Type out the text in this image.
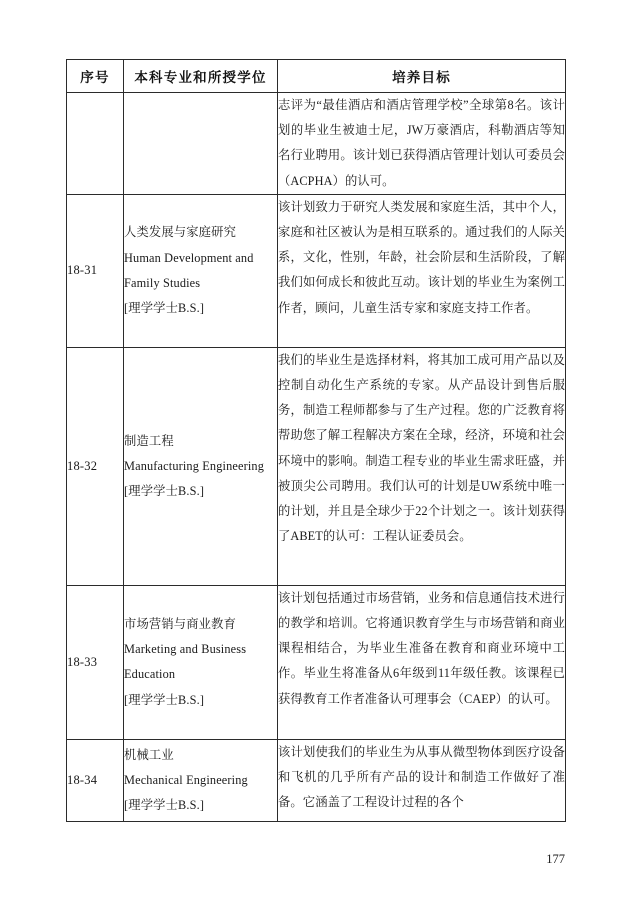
序号	本科专业和所授学位	培养目标

		志评为“最佳酒店和酒店管理学校”全球第8名。该计划的毕业生被迪士尼，JW万豪酒店，科勒酒店等知名行业聘用。该计划已获得酒店管理计划认可委员会（ACPHA）的认可。

18-31	人类发展与家庭研究
Human Development and
Family Studies
[理学学士B.S.]	该计划致力于研究人类发展和家庭生活，其中个人，家庭和社区被认为是相互联系的。通过我们的人际关系，文化，性别，年龄，社会阶层和生活阶段，了解我们如何成长和彼此互动。该计划的毕业生为案例工作者，顾问，儿童生活专家和家庭支持工作者。

18-32	制造工程
Manufacturing Engineering
[理学学士B.S.]	我们的毕业生是选择材料，将其加工成可用产品以及控制自动化生产系统的专家。从产品设计到售后服务，制造工程师都参与了生产过程。您的广泛教育将帮助您了解工程解决方案在全球，经济，环境和社会环境中的影响。制造工程专业的毕业生需求旺盛，并被顶尖公司聘用。我们认可的计划是UW系统中唯一的计划，并且是全球少于22个计划之一。该计划获得了ABET的认可：工程认证委员会。

18-33	市场营销与商业教育
Marketing and Business
Education
[理学学士B.S.]	该计划包括通过市场营销，业务和信息通信技术进行的教学和培训。它将通识教育学生与市场营销和商业课程相结合，为毕业生准备在教育和商业环境中工作。毕业生将准备从6年级到11年级任教。该课程已获得教育工作者准备认可理事会（CAEP）的认可。

18-34	机械工业
Mechanical Engineering
[理学学士B.S.]	该计划使我们的毕业生为从事从微型物体到医疗设备和飞机的几乎所有产品的设计和制造工作做好了准备。它涵盖了工程设计过程的各个

177
